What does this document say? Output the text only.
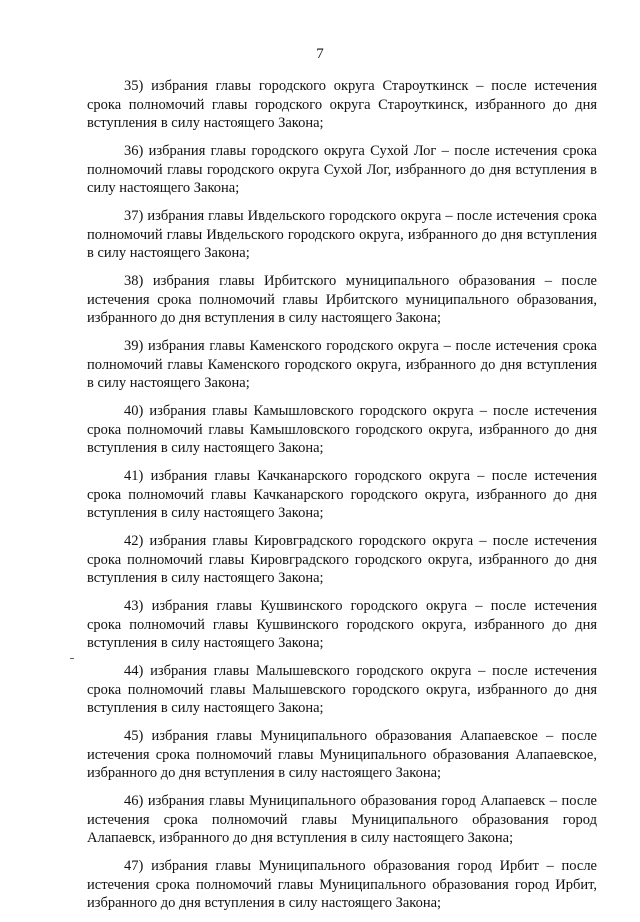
7

35) избрания главы городского округа Староуткинск – после истечения срока полномочий главы городского округа Староуткинск, избранного до дня вступления в силу настоящего Закона;

36) избрания главы городского округа Сухой Лог – после истечения срока полномочий главы городского округа Сухой Лог, избранного до дня вступления в силу настоящего Закона;

37) избрания главы Ивдельского городского округа – после истечения срока полномочий главы Ивдельского городского округа, избранного до дня вступления в силу настоящего Закона;

38) избрания главы Ирбитского муниципального образования – после истечения срока полномочий главы Ирбитского муниципального образования, избранного до дня вступления в силу настоящего Закона;

39) избрания главы Каменского городского округа – после истечения срока полномочий главы Каменского городского округа, избранного до дня вступления в силу настоящего Закона;

40) избрания главы Камышловского городского округа – после истечения срока полномочий главы Камышловского городского округа, избранного до дня вступления в силу настоящего Закона;

41) избрания главы Качканарского городского округа – после истечения срока полномочий главы Качканарского городского округа, избранного до дня вступления в силу настоящего Закона;

42) избрания главы Кировградского городского округа – после истечения срока полномочий главы Кировградского городского округа, избранного до дня вступления в силу настоящего Закона;

43) избрания главы Кушвинского городского округа – после истечения срока полномочий главы Кушвинского городского округа, избранного до дня вступления в силу настоящего Закона;

44) избрания главы Малышевского городского округа – после истечения срока полномочий главы Малышевского городского округа, избранного до дня вступления в силу настоящего Закона;

45) избрания главы Муниципального образования Алапаевское – после истечения срока полномочий главы Муниципального образования Алапаевское, избранного до дня вступления в силу настоящего Закона;

46) избрания главы Муниципального образования город Алапаевск – после истечения срока полномочий главы Муниципального образования город Алапаевск, избранного до дня вступления в силу настоящего Закона;

47) избрания главы Муниципального образования город Ирбит – после истечения срока полномочий главы Муниципального образования город Ирбит, избранного до дня вступления в силу настоящего Закона;
